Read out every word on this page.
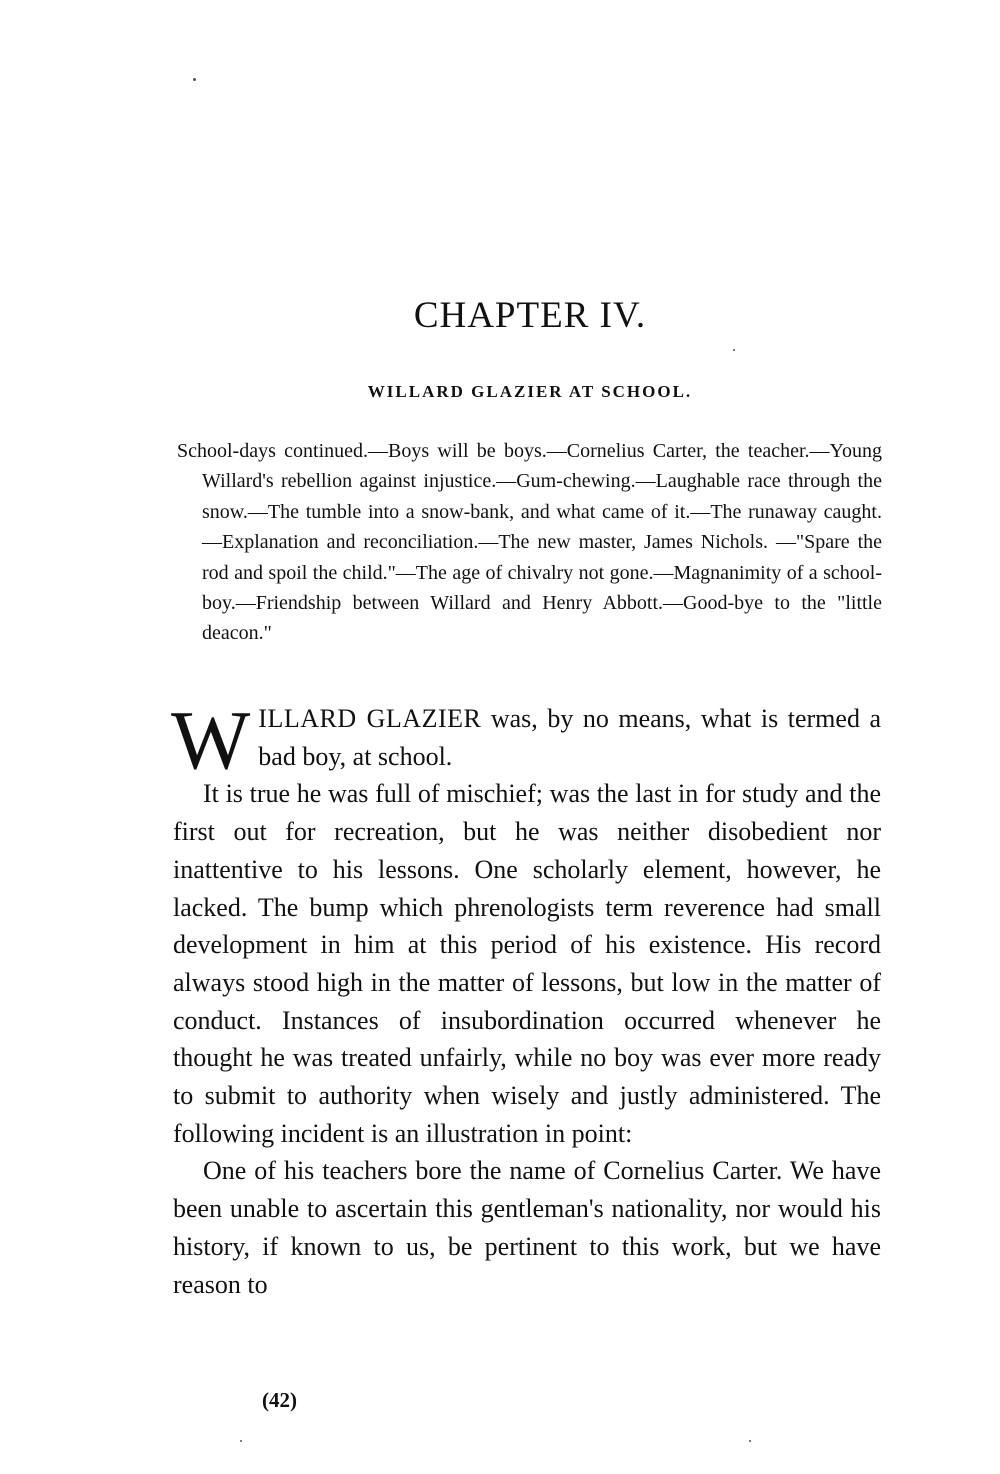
CHAPTER IV.
WILLARD GLAZIER AT SCHOOL.

School-days continued.—Boys will be boys.—Cornelius Carter, the teacher.—Young Willard's rebellion against injustice.—Gum-chewing.—Laughable race through the snow.—The tumble into a snow-bank, and what came of it.—The runaway caught.—Explanation and reconciliation.—The new master, James Nichols. —"Spare the rod and spoil the child."—The age of chivalry not gone.—Magnanimity of a school-boy.—Friendship between Willard and Henry Abbott.—Good-bye to the "little deacon."

WILLARD GLAZIER was, by no means, what is termed a bad boy, at school.

It is true he was full of mischief; was the last in for study and the first out for recreation, but he was neither disobedient nor inattentive to his lessons. One scholarly element, however, he lacked. The bump which phrenologists term reverence had small development in him at this period of his existence. His record always stood high in the matter of lessons, but low in the matter of conduct. Instances of insubordination occurred whenever he thought he was treated unfairly, while no boy was ever more ready to submit to authority when wisely and justly administered. The following incident is an illustration in point:

One of his teachers bore the name of Cornelius Carter. We have been unable to ascertain this gentleman's nationality, nor would his history, if known to us, be pertinent to this work, but we have reason to

(42)
